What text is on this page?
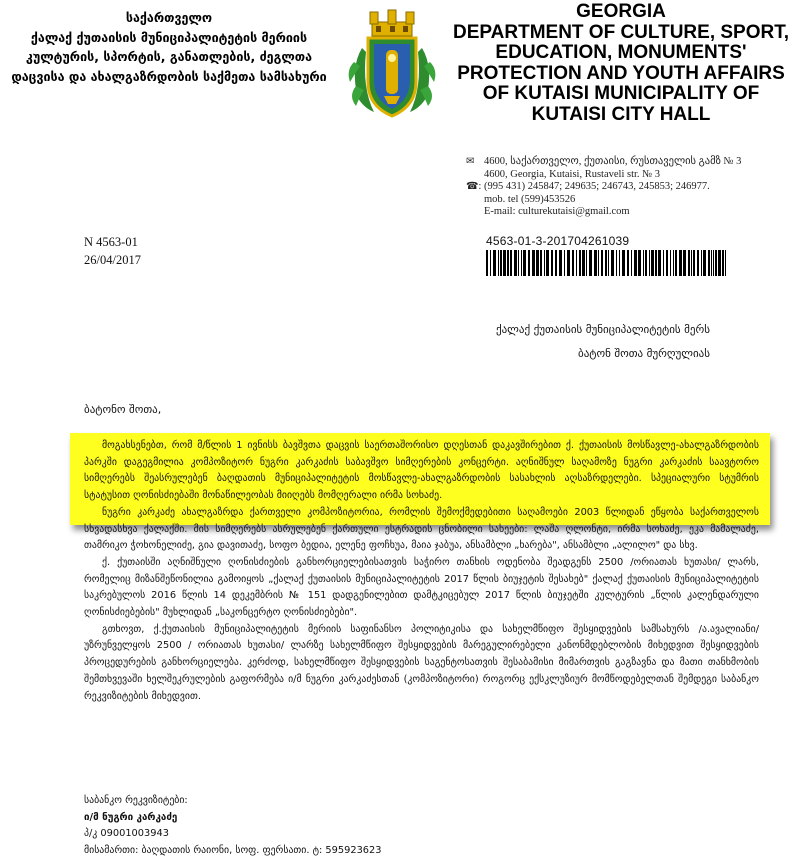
საქართველო
ქალაქ ქუთაისის მუნიციპალიტეტის მერიის
კულტურის, სპორტის, განათლების, ძეგლთა
დაცვისა და ახალგაზრდობის საქმეთა სამსახური
GEORGIA
DEPARTMENT OF CULTURE, SPORT,
EDUCATION, MONUMENTS'
PROTECTION AND YOUTH AFFAIRS
OF KUTAISI MUNICIPALITY OF
KUTAISI CITY HALL
✉ 4600, საქართველო, ქუთაისი, რუსთაველის გამზ № 3
4600, Georgia, Kutaisi, Rustaveli str. № 3
☎: (995 431) 245847; 249635; 246743, 245853; 246977.
mob. tel (599)453526
E-mail: culturekutaisi@gmail.com
N 4563-01
26/04/2017
4563-01-3-201704261039
ქალაქ ქუთაისის მუნიციპალიტეტის მერს
ბატონ შოთა მურღულიას
ბატონო შოთა,

მოგახსენებთ, რომ მ/წლის 1 ივნისს ბავშვთა დაცვის საერთაშორისო დღესთან დაკავშირებით ქ. ქუთაისის მოსწავლე-ახალგაზრდობის პარკში დაგეგმილია კომპოზიტორ ნუგრი კარკაძის საბავშვო სიმღერების კონცერტი. აღნიშნულ საღამოზე ნუგრი კარკაძის საავტორო სიმღერებს შეასრულებენ ბაღდათის მუნიციპალიტეტის მოსწავლე-ახალგაზრდობის სასახლის აღსაზრდელები. სპეციალური სტუმრის სტატუსით ღონისძიებაში მონაწილეობას მიიღებს მომღერალი ირმა სოხაძე.

ნუგრი კარკაძე ახალგაზრდა ქართველი კომპოზიტორია, რომლის შემოქმედებითი საღამოები 2003 წლიდან ეწყობა საქართველოს სხვადასხვა ქალაქში. მის სიმღერებს ასრულებენ ქართული ესტრადის ცნობილი სახეები: ლაშა ღლონტი, ირმა სოხაძე, ეკა მამალაძე, თამრიკო ჭოხონელიძე, გია დავითაძე, სოფო ბედია, ელენე ფოჩხუა, მაია ჯაბუა, ანსამბლი „ხარება", ანსამბლი „ალილო" და სხვ.

ქ. ქუთაისში აღნიშნული ღონისძიების განხორციელებისათვის საჭირო თანხის ოდენობა შეადგენს 2500 /ორიათას ხუთასი/ ლარს, რომელიც მიზანშეწონილია გამოიყოს „ქალაქ ქუთაისის მუნიციპალიტეტის 2017 წლის ბიუჯეტის შესახებ" ქალაქ ქუთაისის მუნიციპალიტეტის საკრებულოს 2016 წლის 14 დეკემბრის № 151 დადგენილებით დამტკიცებულ 2017 წლის ბიუჯეტში კულტურის „წლის კალენდარული ღონისძიებების" მუხლიდან „საკონცერტო ღონისძიებები".

გთხოვთ, ქ.ქუთაისის მუნიციპალიტეტის მერიის საფინანსო პოლიტიკისა და სახელმწიფო შესყიდვების სამსახურს /ა.ავალიანი/ უზრუნველყოს 2500 / ორიათას ხუთასი/ ლარზე სახელმწიფო შესყიდვების მარეგულირებელი კანონმდებლობის მიხედვით შესყიდვების პროცედურების განხორციელება. კერძოდ, სახელმწიფო შესყიდვების საგენტოსათვის შესაბამისი მიმართვის გაგზავნა და მათი თანხმობის შემთხვევაში ხელშეკრულების გაფორმება ი/მ ნუგრი კარკაძესთან (კომპოზიტორი) როგორც ექსკლუზიურ მომწოდებელთან შემდეგი საბანკო რეკვიზიტების მიხედვით.

საბანკო რეკვიზიტები:
ი/მ ნუგრი კარკაძე
პ/კ 09001003943
მისამართი: ბაღდათის რაიონი, სოფ. ფერსათი. ტ: 595923623
